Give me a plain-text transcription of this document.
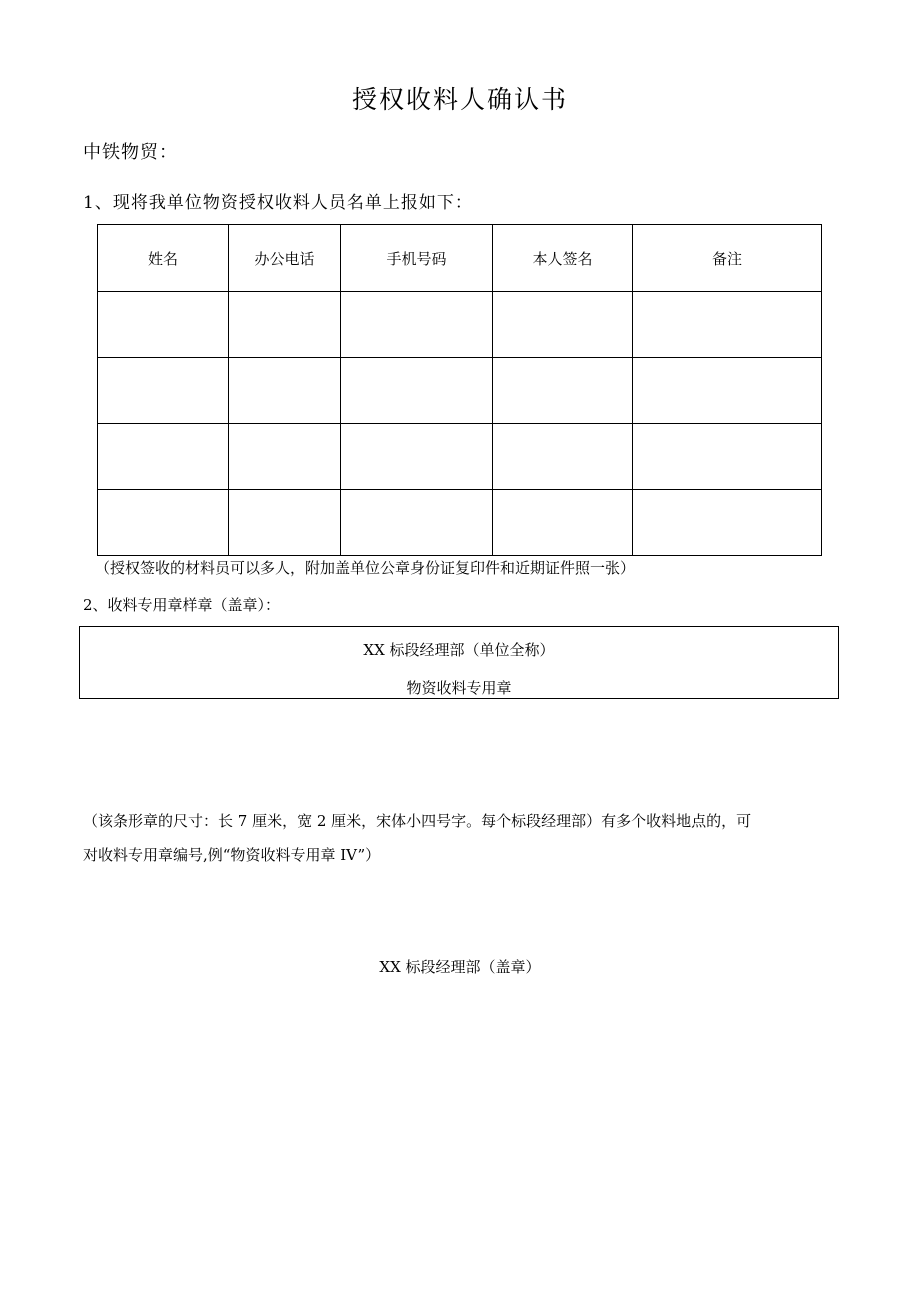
授权收料人确认书
中铁物贸：
1、现将我单位物资授权收料人员名单上报如下：
姓名	办公电话	手机号码	本人签名	备注

（授权签收的材料员可以多人，附加盖单位公章身份证复印件和近期证件照一张）
2、收料专用章样章（盖章）：
XX 标段经理部（单位全称）
物资收料专用章
（该条形章的尺寸：长 7 厘米，宽 2 厘米，宋体小四号字。每个标段经理部）有多个收料地点的，可
对收料专用章编号,例“物资收料专用章 IV”）
XX 标段经理部（盖章）
